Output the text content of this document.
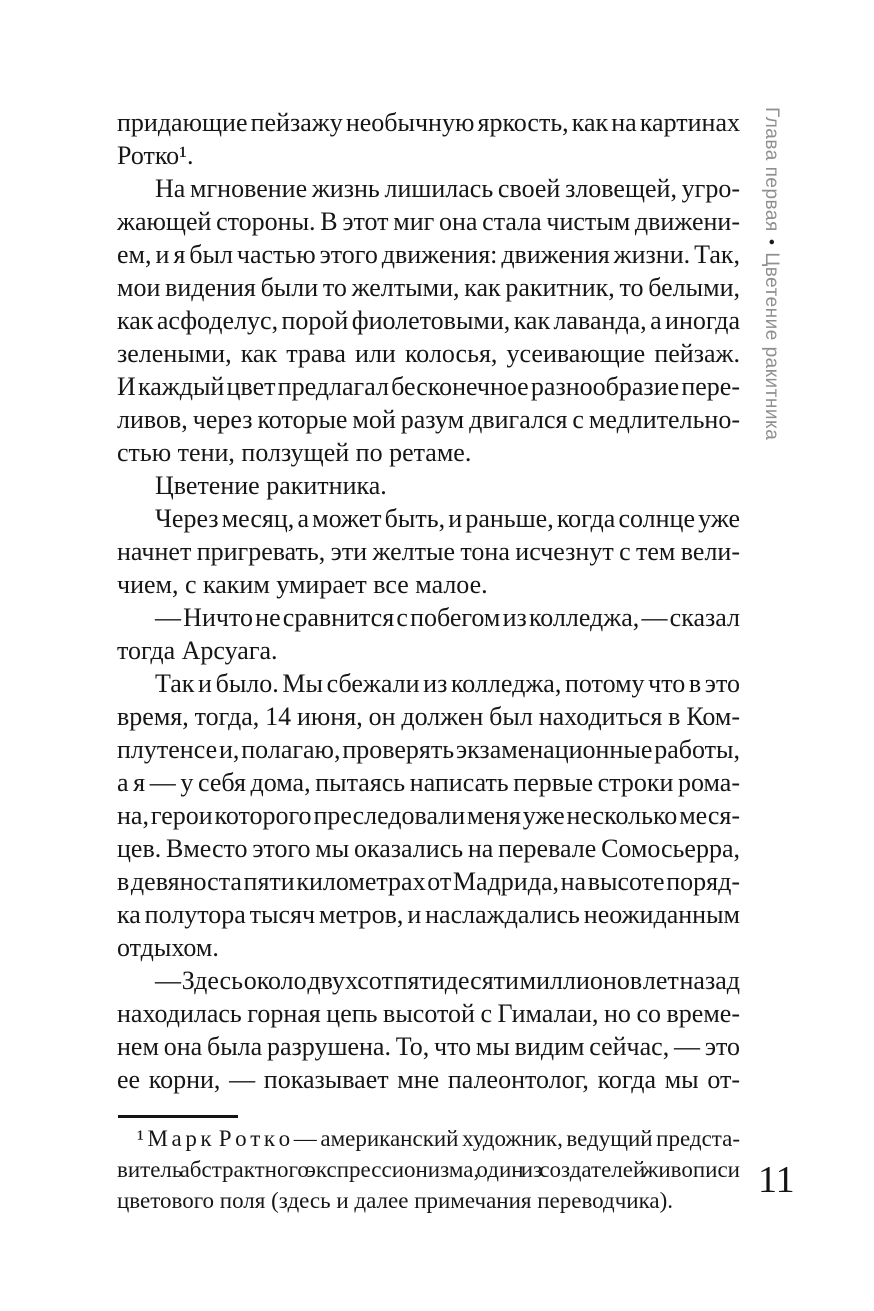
Глава первая•Цветение ракитника
придающие пейзажу необычную яркость, как на картинах
Ротко¹.
На мгновение жизнь лишилась своей зловещей, угро-
жающей стороны. В этот миг она стала чистым движени-
ем, и я был частью этого движения: движения жизни. Так,
мои видения были то желтыми, как ракитник, то белыми,
как асфоделус, порой фиолетовыми, как лаванда, а иногда
зелеными, как трава или колосья, усеивающие пейзаж.
И каждый цвет предлагал бесконечное разнообразие пере-
ливов, через которые мой разум двигался с медлительно-
стью тени, ползущей по ретаме.
Цветение ракитника.
Через месяц, а может быть, и раньше, когда солнце уже
начнет пригревать, эти желтые тона исчезнут с тем вели-
чием, с каким умирает все малое.
— Ничто не сравнится с побегом из колледжа, — сказал
тогда Арсуага.
Так и было. Мы сбежали из колледжа, потому что в это
время, тогда, 14 июня, он должен был находиться в Ком-
плутенсе и, полагаю, проверять экзаменационные работы,
а я — у себя дома, пытаясь написать первые строки рома-
на, герои которого преследовали меня уже несколько меся-
цев. Вместо этого мы оказались на перевале Сомосьерра,
в девяноста пяти километрах от Мадрида, на высоте поряд-
ка полутора тысяч метров, и наслаждались неожиданным
отдыхом.
— Здесь около двухсот пятидесяти миллионов лет назад
находилась горная цепь высотой с Гималаи, но со време-
нем она была разрушена. То, что мы видим сейчас, — это
ее корни, — показывает мне палеонтолог, когда мы от-
¹ М а р к  Р о т к о — американский художник, ведущий предста-
витель абстрактного экспрессионизма, один из создателей живописи
цветового поля (здесь и далее примечания переводчика).	11
